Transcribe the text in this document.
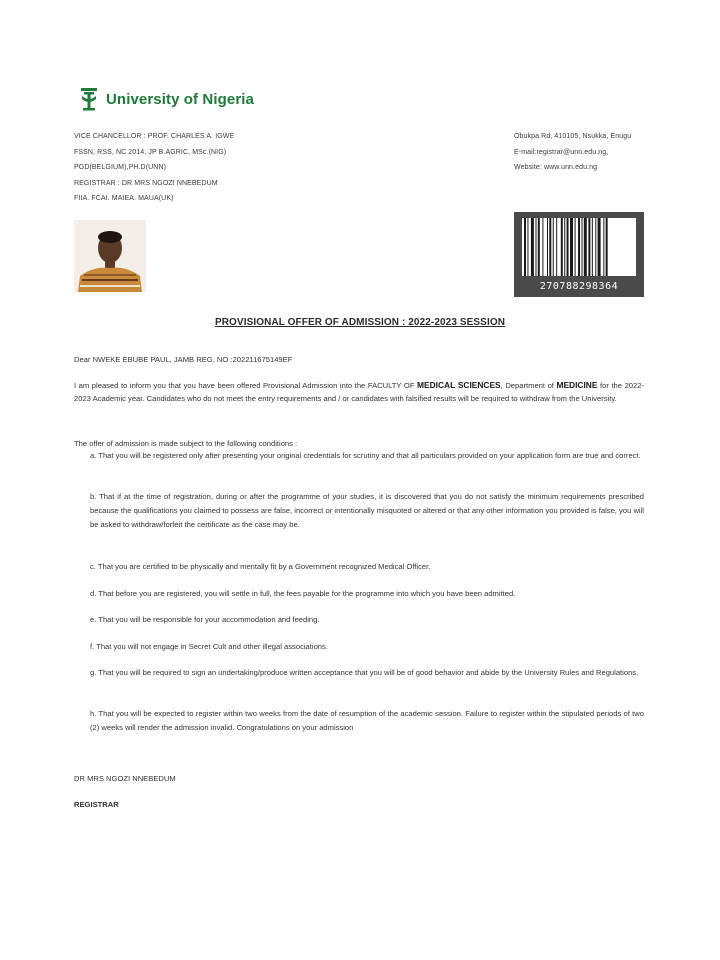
University of Nigeria
VICE CHANCELLOR : PROF. CHARLES A. IGWE
FSSN, RSS, NC 2014, JP B.AGRIC, MSc.(NIG)
PGD(BELGIUM),PH.D(UNN)
REGISTRAR : DR MRS NGOZI NNEBEDUM
FIIA. FCAI. MAIEA. MAUA(UK)
Obukpa Rd, 410105, Nsukka, Enugu
E-mail:registrar@unn.edu.ng,
Website: www.unn.edu.ng
270788298364
PROVISIONAL OFFER OF ADMISSION : 2022-2023 SESSION
Dear NWEKE EBUBE PAUL, JAMB REG. NO :202211675149EF
I am pleased to inform you that you have been offered Provisional Admission into the FACULTY OF MEDICAL SCIENCES, Department of MEDICINE for the 2022-2023 Academic year. Candidates who do not meet the entry requirements and / or candidates with falsified results will be required to withdraw from the University.
The offer of admission is made subject to the following conditions :
a. That you will be registered only after presenting your original credentials for scrutiny and that all particulars provided on your application form are true and correct.
b. That if at the time of registration, during or after the programme of your studies, it is discovered that you do not satisfy the minimum requirements prescribed because the qualifications you claimed to possess are false, incorrect or intentionally misquoted or altered or that any other information you provided is false, you will be asked to withdraw/forfeit the certificate as the case may be.
c. That you are certified to be physically and mentally fit by a Government recognized Medical Officer.
d. That before you are registered, you will settle in full, the fees payable for the programme into which you have been admitted.
e. That you will be responsible for your accommodation and feeding.
f. That you will not engage in Secret Cult and other illegal associations.
g. That you will be required to sign an undertaking/produce written acceptance that you will be of good behavior and abide by the University Rules and Regulations.
h. That you will be expected to register within two weeks from the date of resumption of the academic session. Failure to register within the stipulated periods of two (2) weeks will render the admission invalid. Congratulations on your admission
DR MRS NGOZI NNEBEDUM
REGISTRAR
